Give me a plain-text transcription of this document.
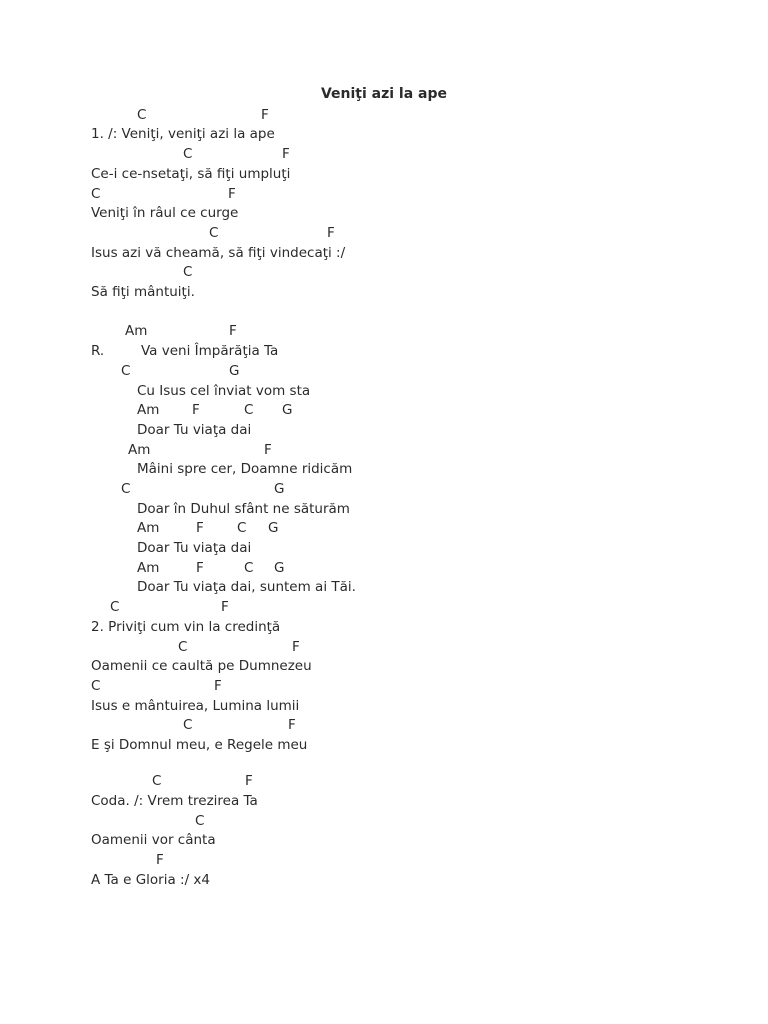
Veniţi azi la ape
C	F
1. /: Veniţi, veniţi azi la ape
C	F
Ce-i ce-nsetaţi, să fiţi umpluţi
C	F
Veniţi în râul ce curge
C	F
Isus azi vă cheamă, să fiţi vindecaţi :/
C
Să fiţi mântuiţi.
Am	F
R.	Va veni Împărăţia Ta
C	G
Cu Isus cel înviat vom sta
Am F	C G
Doar Tu viaţa dai
Am	F
Mâini spre cer, Doamne ridicăm
C	G
Doar în Duhul sfânt ne săturăm
Am	F C G
Doar Tu viaţa dai
Am	F	C G
Doar Tu viaţa dai, suntem ai Tăi.
C	F
2. Priviţi cum vin la credinţă
C	F
Oamenii ce caultă pe Dumnezeu
C	F
Isus e mântuirea, Lumina lumii
C	F
E şi Domnul meu, e Regele meu
C	F
Coda. /: Vrem trezirea Ta
C
Oamenii vor cânta
F
A Ta e Gloria :/ x4
